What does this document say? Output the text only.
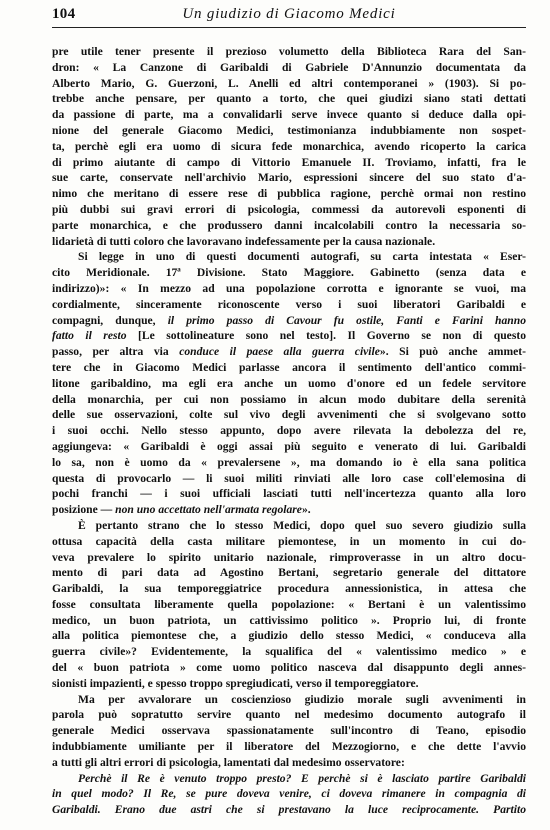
104	Un giudizio di Giacomo Medici
pre utile tener presente il prezioso volumetto della Biblioteca Rara del San-
dron: « La Canzone di Garibaldi di Gabriele D'Annunzio documentata da
Alberto Mario, G. Guerzoni, L. Anelli ed altri contemporanei » (1903). Si po-
trebbe anche pensare, per quanto a torto, che quei giudizi siano stati dettati
da passione di parte, ma a convalidarli serve invece quanto si deduce dalla opi-
nione del generale Giacomo Medici, testimonianza indubbiamente non sospet-
ta, perchè egli era uomo di sicura fede monarchica, avendo ricoperto la carica
di primo aiutante di campo di Vittorio Emanuele II. Troviamo, infatti, fra le
sue carte, conservate nell'archivio Mario, espressioni sincere del suo stato d'a-
nimo che meritano di essere rese di pubblica ragione, perchè ormai non restino
più dubbi sui gravi errori di psicologia, commessi da autorevoli esponenti di
parte monarchica, e che produssero danni incalcolabili contro la necessaria so-
lidarietà di tutti coloro che lavoravano indefessamente per la causa nazionale.
Si legge in uno di questi documenti autografi, su carta intestata « Eser-
cito Meridionale. 17ª Divisione. Stato Maggiore. Gabinetto (senza data e
indirizzo)»: « In mezzo ad una popolazione corrotta e ignorante se vuoi, ma
cordialmente, sinceramente riconoscente verso i suoi liberatori Garibaldi e
compagni, dunque, il primo passo di Cavour fu ostile, Fanti e Farini hanno
fatto il resto [Le sottolineature sono nel testo]. Il Governo se non di questo
passo, per altra via conduce il paese alla guerra civile». Si può anche ammet-
tere che in Giacomo Medici parlasse ancora il sentimento dell'antico commi-
litone garibaldino, ma egli era anche un uomo d'onore ed un fedele servitore
della monarchia, per cui non possiamo in alcun modo dubitare della serenità
delle sue osservazioni, colte sul vivo degli avvenimenti che si svolgevano sotto
i suoi occhi. Nello stesso appunto, dopo avere rilevata la debolezza del re,
aggiungeva: « Garibaldi è oggi assai più seguito e venerato di lui. Garibaldi
lo sa, non è uomo da « prevalersene », ma domando io è ella sana politica
questa di provocarlo — li suoi militi rinviati alle loro case coll'elemosina di
pochi franchi — i suoi ufficiali lasciati tutti nell'incertezza quanto alla loro
posizione — non uno accettato nell'armata regolare».
È pertanto strano che lo stesso Medici, dopo quel suo severo giudizio sulla
ottusa capacità della casta militare piemontese, in un momento in cui do-
veva prevalere lo spirito unitario nazionale, rimproverasse in un altro docu-
mento di pari data ad Agostino Bertani, segretario generale del dittatore
Garibaldi, la sua temporeggiatrice procedura annessionistica, in attesa che
fosse consultata liberamente quella popolazione: « Bertani è un valentissimo
medico, un buon patriota, un cattivissimo politico ». Proprio lui, di fronte
alla politica piemontese che, a giudizio dello stesso Medici, « conduceva alla
guerra civile»? Evidentemente, la squalifica del « valentissimo medico » e
del « buon patriota » come uomo politico nasceva dal disappunto degli annes-
sionisti impazienti, e spesso troppo spregiudicati, verso il temporeggiatore.
Ma per avvalorare un coscienzioso giudizio morale sugli avvenimenti in
parola può sopratutto servire quanto nel medesimo documento autografo il
generale Medici osservava spassionatamente sull'incontro di Teano, episodio
indubbiamente umiliante per il liberatore del Mezzogiorno, e che dette l'avvio
a tutti gli altri errori di psicologia, lamentati dal medesimo osservatore:
Perchè il Re è venuto troppo presto? E perchè si è lasciato partire Garibaldi
in quel modo? Il Re, se pure doveva venire, ci doveva rimanere in compagnia di
Garibaldi. Erano due astri che si prestavano la luce reciprocamente. Partito
